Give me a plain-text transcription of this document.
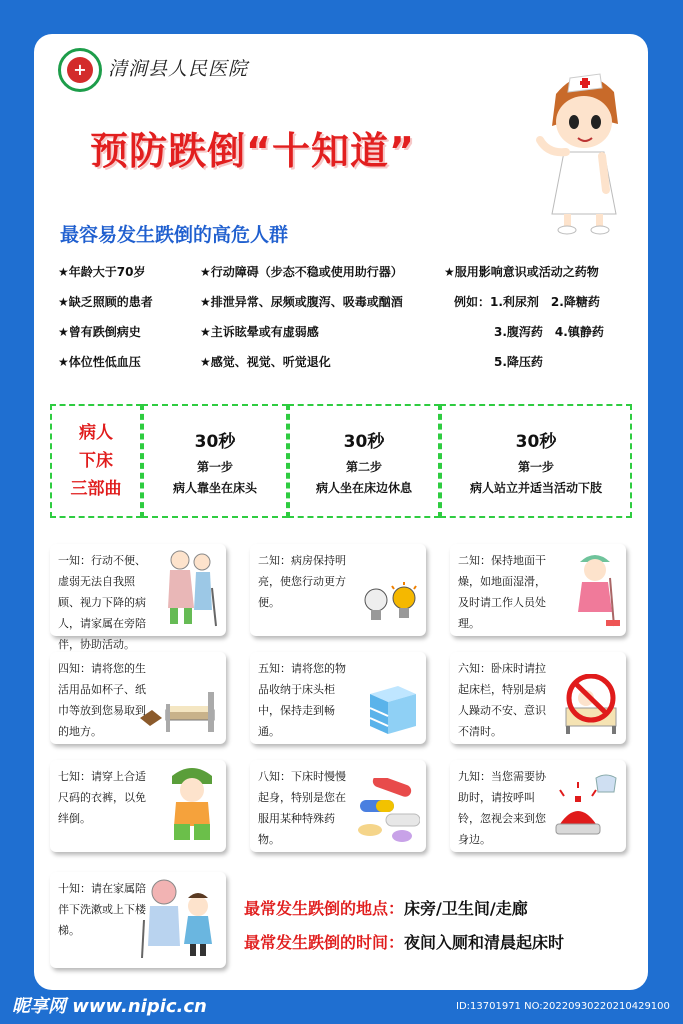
+	清涧县人民医院
预防跌倒“十知道”
最容易发生跌倒的高危人群
★年龄大于70岁
★缺乏照顾的患者
★曾有跌倒病史
★体位性低血压
★行动障碍（步态不稳或使用助行器）
★排泄异常、尿频或腹泻、吸毒或酗酒
★主诉眩晕或有虚弱感
★感觉、视觉、听觉退化
★服用影响意识或活动之药物
例如：1.利尿剂　2.降糖药
3.腹泻药　4.镇静药
5.降压药
病人
下床
三部曲
30秒
第一步
病人靠坐在床头
30秒
第二步
病人坐在床边休息
30秒
第一步
病人站立并适当活动下肢
一知：行动不便、虚弱无法自我照顾、视力下降的病人，请家属在旁陪伴，协助活动。
二知：病房保持明亮，使您行动更方便。
二知：保持地面干燥，如地面湿滑，及时请工作人员处理。
四知：请将您的生活用品如杯子、纸巾等放到您易取到的地方。
五知：请将您的物品收纳于床头柜中，保持走到畅通。
六知：卧床时请拉起床栏，特别是病人躁动不安、意识不清时。
七知：请穿上合适尺码的衣裤，以免绊倒。
八知：下床时慢慢起身，特别是您在服用某种特殊药物。
九知：当您需要协助时，请按呼叫铃，忽视会来到您身边。
十知：请在家属陪伴下洗漱或上下楼梯。
最常发生跌倒的地点：床旁/卫生间/走廊
最常发生跌倒的时间：夜间入厕和清晨起床时
昵享网 www.nipic.cn	ID:13701971 NO:20220930220210429100
